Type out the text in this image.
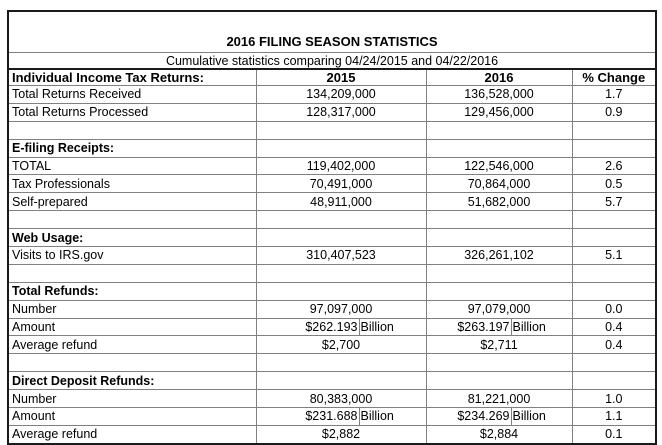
2016 FILING SEASON STATISTICS			
Cumulative statistics comparing 04/24/2015 and 04/22/2016			
Individual Income Tax Returns:	2015	2016	% Change
Total Returns Received	134,209,000	136,528,000	1.7
Total Returns Processed	128,317,000	129,456,000	0.9

E-filing Receipts:			
TOTAL	119,402,000	122,546,000	2.6
Tax Professionals	70,491,000	70,864,000	0.5
Self-prepared	48,911,000	51,682,000	5.7

Web Usage:			
Visits to IRS.gov	310,407,523	326,261,102	5.1

Total Refunds:			
Number	97,097,000	97,079,000	0.0
Amount	$262.193 Billion	$263.197 Billion	0.4
Average refund	$2,700	$2,711	0.4

Direct Deposit Refunds:			
Number	80,383,000	81,221,000	1.0
Amount	$231.688 Billion	$234.269 Billion	1.1
Average refund	$2,882	$2,884	0.1
